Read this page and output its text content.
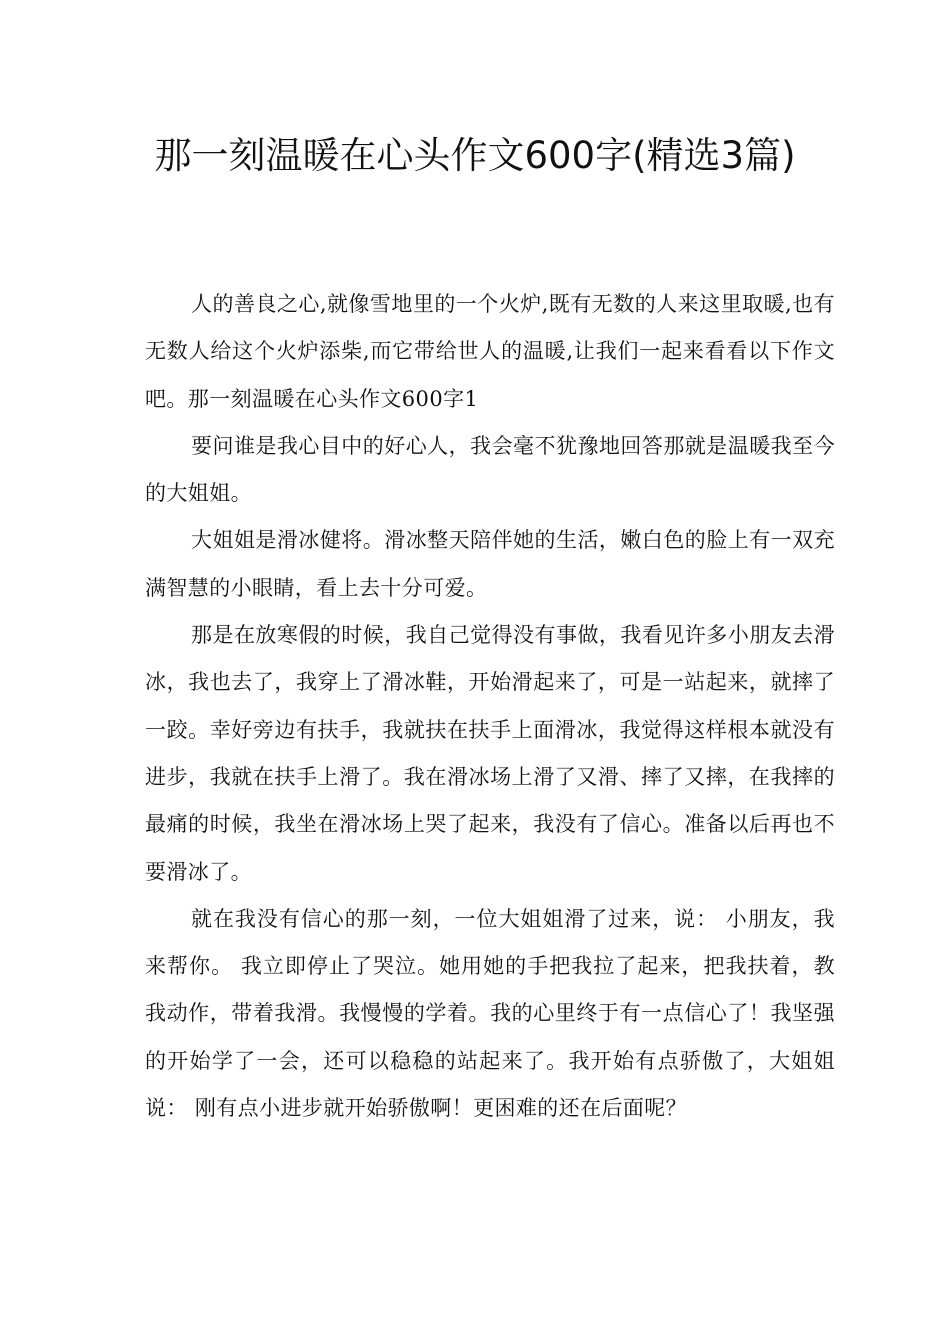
那一刻温暖在心头作文600字(精选3篇)

人的善良之心,就像雪地里的一个火炉,既有无数的人来这里取暖,也有无数人给这个火炉添柴,而它带给世人的温暖,让我们一起来看看以下作文吧。那一刻温暖在心头作文600字1

要问谁是我心目中的好心人，我会毫不犹豫地回答那就是温暖我至今的大姐姐。

大姐姐是滑冰健将。滑冰整天陪伴她的生活，嫩白色的脸上有一双充满智慧的小眼睛，看上去十分可爱。

那是在放寒假的时候，我自己觉得没有事做，我看见许多小朋友去滑冰，我也去了，我穿上了滑冰鞋，开始滑起来了，可是一站起来，就摔了一跤。幸好旁边有扶手，我就扶在扶手上面滑冰，我觉得这样根本就没有进步，我就在扶手上滑了。我在滑冰场上滑了又滑、摔了又摔，在我摔的最痛的时候，我坐在滑冰场上哭了起来，我没有了信心。准备以后再也不要滑冰了。

就在我没有信心的那一刻，一位大姐姐滑了过来，说： 小朋友，我来帮你。 我立即停止了哭泣。她用她的手把我拉了起来，把我扶着，教我动作，带着我滑。我慢慢的学着。我的心里终于有一点信心了！我坚强的开始学了一会，还可以稳稳的站起来了。我开始有点骄傲了，大姐姐说： 刚有点小进步就开始骄傲啊！更困难的还在后面呢？
